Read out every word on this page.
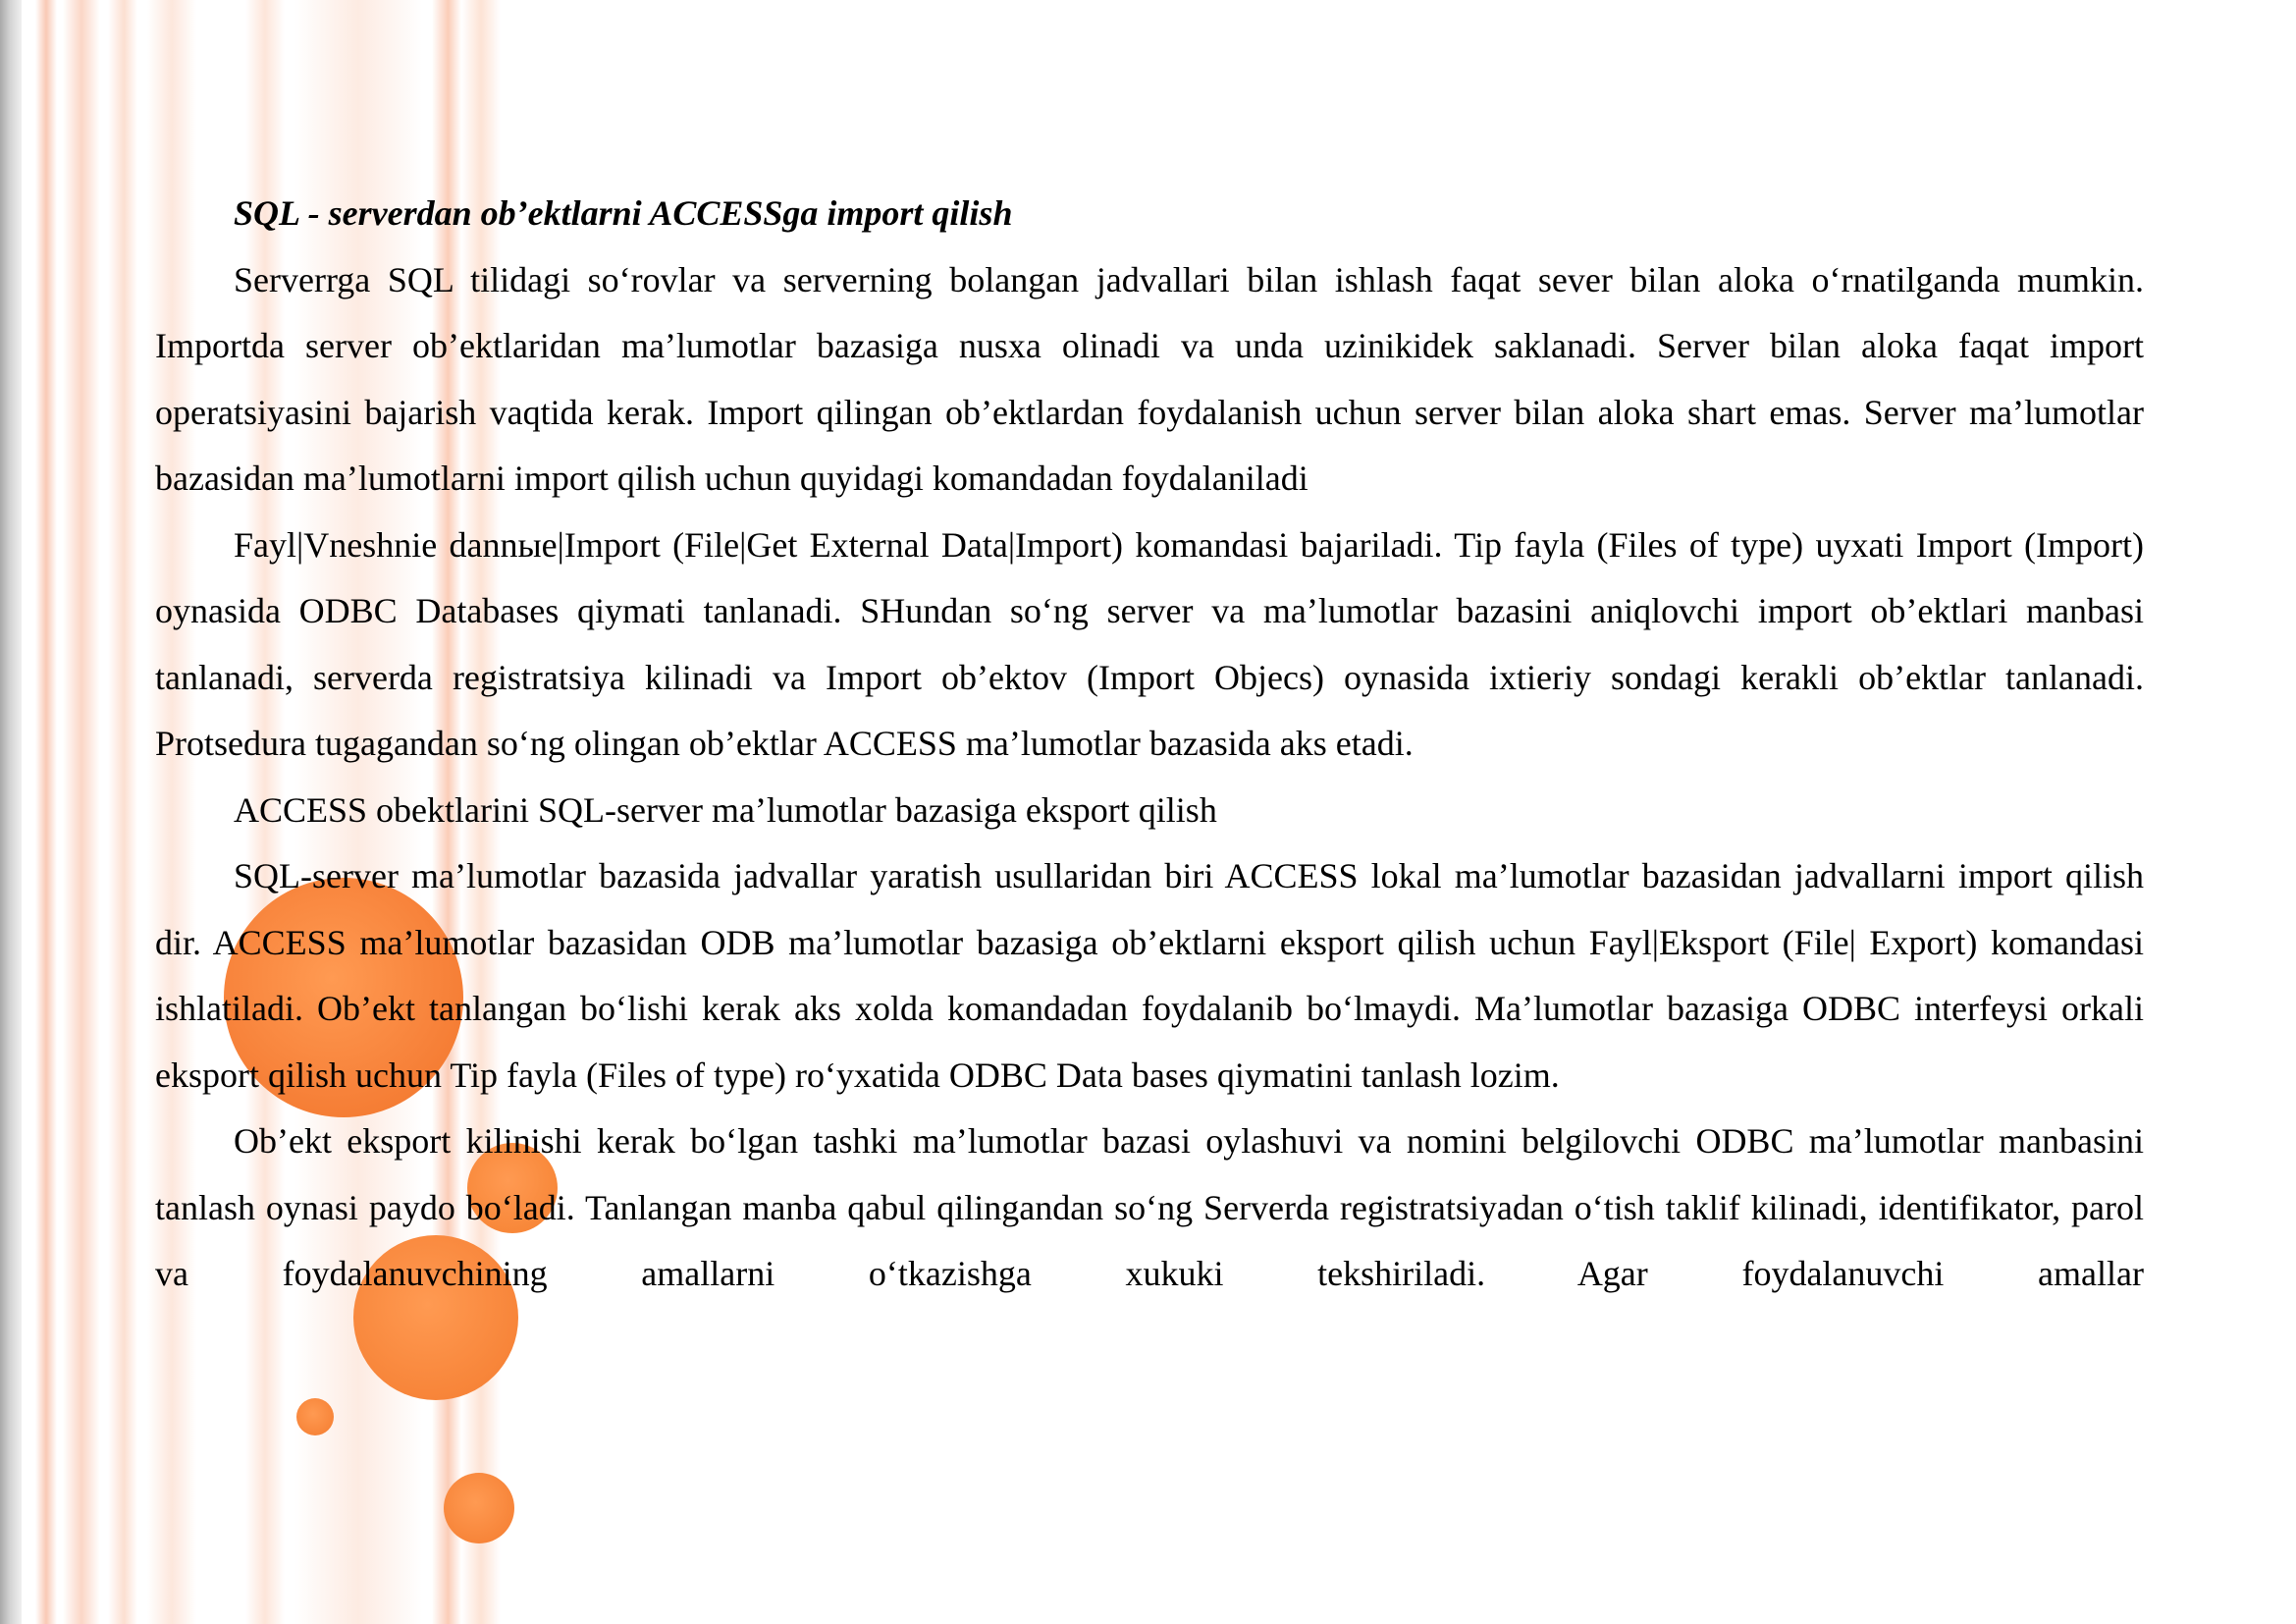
SQL - serverdan ob’ektlarni ACCESSga import qilish

Serverrga SQL tilidagi so‘rovlar va serverning bolangan jadvallari bilan ishlash faqat sever bilan aloka o‘rnatilganda mumkin. Importda server ob’ektlaridan ma’lumotlar bazasiga nusxa olinadi va unda uzinikidek saklanadi. Server bilan aloka faqat import operatsiyasini bajarish vaqtida kerak. Import qilingan ob’ektlardan foydalanish uchun server bilan aloka shart emas. Server ma’lumotlar bazasidan ma’lumotlarni import qilish uchun quyidagi komandadan foydalaniladi

Fayl|Vneshnie dannые|Import (File|Get External Data|Import) komandasi bajariladi. Tip fayla (Files of type) uyxati Import (Import) oynasida ODBC Databases qiymati tanlanadi. SHundan so‘ng server va ma’lumotlar bazasini aniqlovchi import ob’ektlari manbasi tanlanadi, serverda registratsiya kilinadi va Import ob’ektov (Import Objecs) oynasida ixtieriy sondagi kerakli ob’ektlar tanlanadi. Protsedura tugagandan so‘ng olingan ob’ektlar ACCESS ma’lumotlar bazasida aks etadi.

ACCESS obektlarini SQL-server ma’lumotlar bazasiga eksport qilish

SQL-server ma’lumotlar bazasida jadvallar yaratish usullaridan biri ACCESS lokal ma’lumotlar bazasidan jadvallarni import qilish dir. ACCESS ma’lumotlar bazasidan ODB ma’lumotlar bazasiga ob’ektlarni eksport qilish uchun Fayl|Eksport (File| Export) komandasi ishlatiladi. Ob’ekt tanlangan bo‘lishi kerak aks xolda komandadan foydalanib bo‘lmaydi. Ma’lumotlar bazasiga ODBC interfeysi orkali eksport qilish uchun Tip fayla (Files of type) ro‘yxatida ODBC Data bases qiymatini tanlash lozim.

Ob’ekt eksport kilinishi kerak bo‘lgan tashki ma’lumotlar bazasi oylashuvi va nomini belgilovchi ODBC ma’lumotlar manbasini tanlash oynasi paydo bo‘ladi. Tanlangan manba qabul qilingandan so‘ng Serverda registratsiyadan o‘tish taklif kilinadi, identifikator, parol va foydalanuvchining amallarni o‘tkazishga xukuki tekshiriladi. Agar foydalanuvchi amallar
